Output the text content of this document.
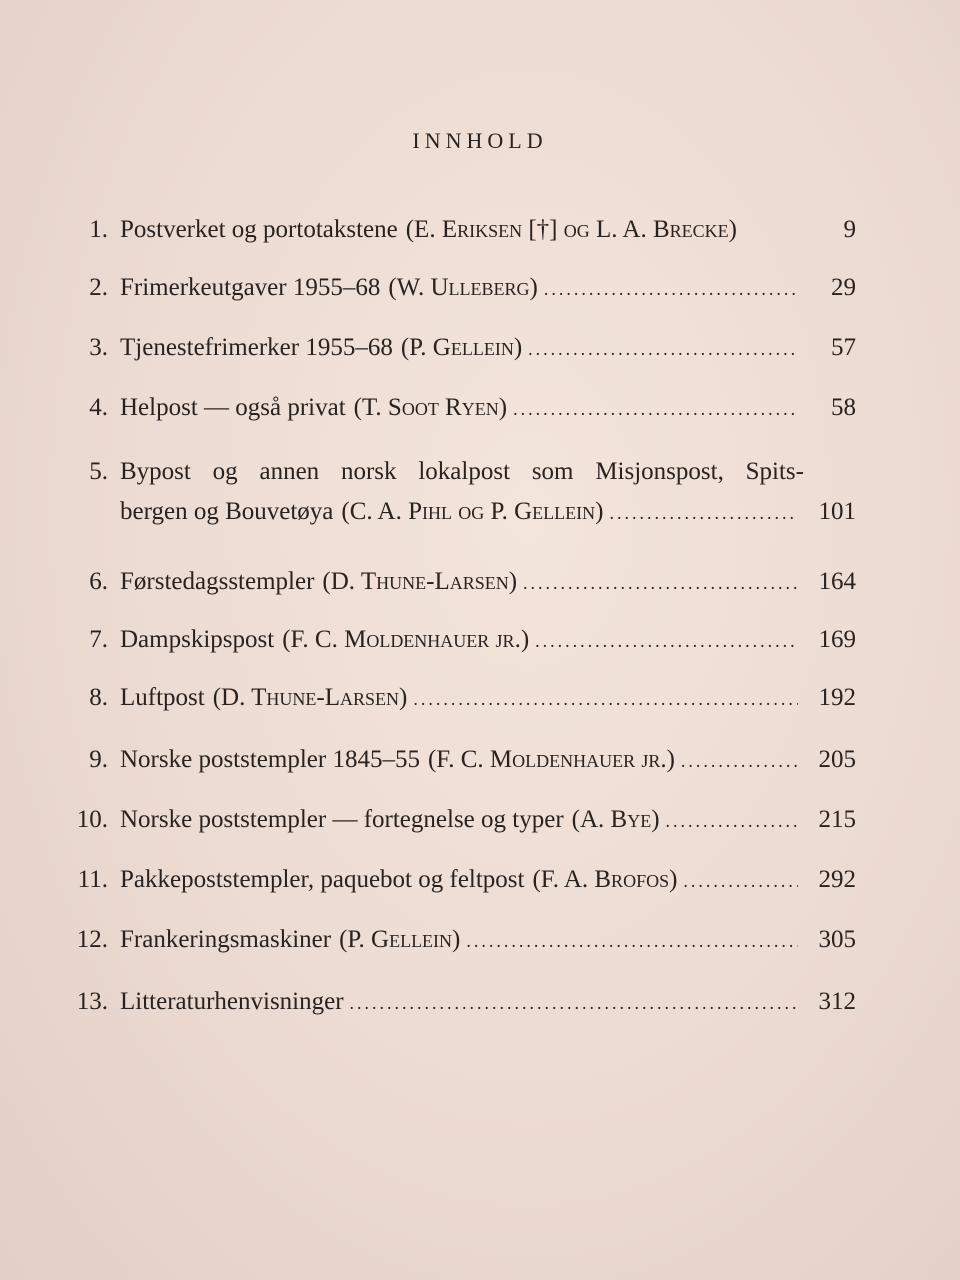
INNHOLD
1. Postverket og portotakstene (E. Eriksen [†] og L. A. Brecke)	9
2. Frimerkeutgaver 1955–68 (W. Ulleberg) .....	29
3. Tjenestefrimerker 1955–68 (P. Gellein) .....	57
4. Helpost — også privat (T. Soot Ryen) .....	58
5. Bypost og annen norsk lokalpost som Misjonspost, Spits-
bergen og Bouvetøya (C. A. Pihl og P. Gellein) .....	101
6. Førstedagsstempler (D. Thune-Larsen) .....	164
7. Dampskipspost (F. C. Moldenhauer jr.) .....	169
8. Luftpost (D. Thune-Larsen) .....	192
9. Norske poststempler 1845–55 (F. C. Moldenhauer jr.) .....	205
10. Norske poststempler — fortegnelse og typer (A. Bye) .....	215
11. Pakkepoststempler, paquebot og feltpost (F. A. Brofos) .....	292
12. Frankeringsmaskiner (P. Gellein) .....	305
13. Litteraturhenvisninger .....	312
